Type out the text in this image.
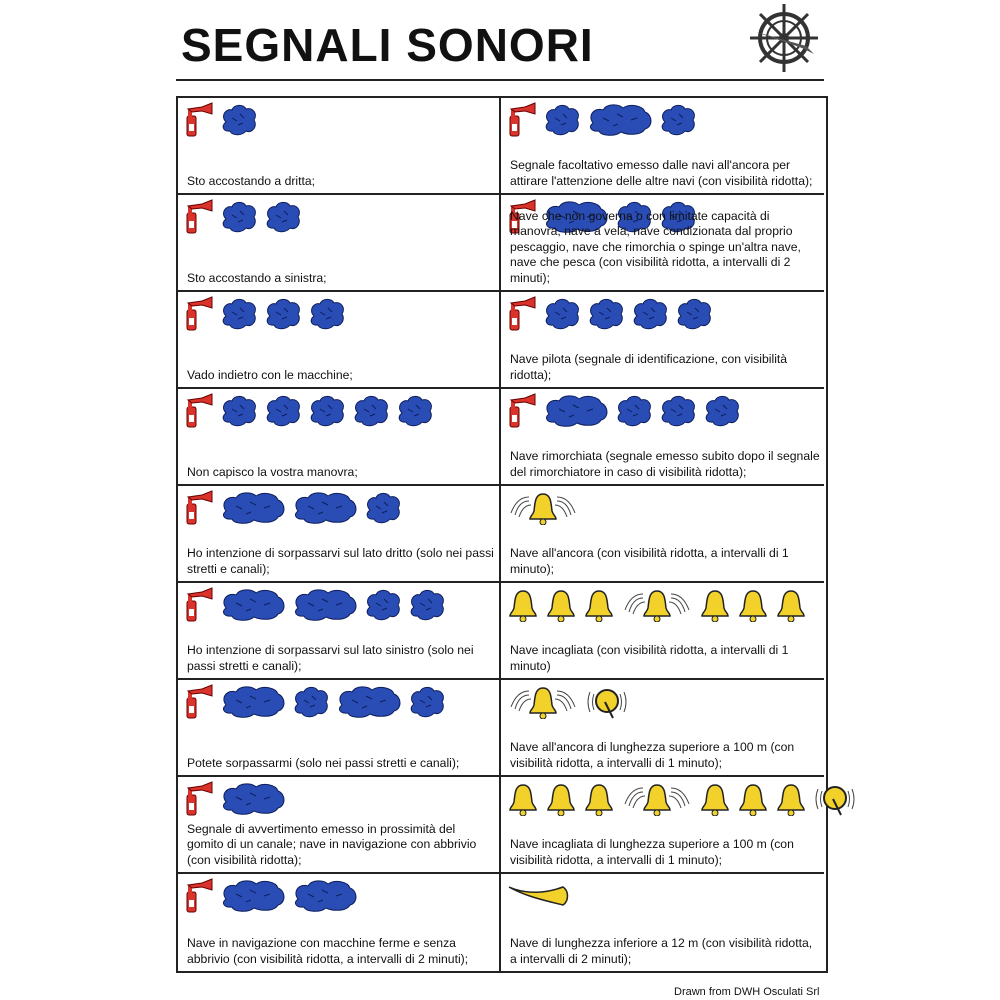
SEGNALI SONORI
Sto accostando a dritta;
Segnale facoltativo emesso dalle navi all'ancora per attirare l'attenzione delle altre navi (con visibilità ridotta);
Sto accostando a sinistra;
Nave che non governa o con limitate capacità di manovra, nave a vela, nave condizionata dal proprio pescaggio, nave che rimorchia o spinge un'altra nave, nave che pesca (con visibilità ridotta, a intervalli di 2 minuti);
Vado indietro con le macchine;
Nave pilota (segnale di identificazione, con visibilità ridotta);
Non capisco la vostra manovra;
Nave rimorchiata (segnale emesso subito dopo il segnale del rimorchiatore in caso di visibilità ridotta);
Ho intenzione di sorpassarvi sul lato dritto (solo nei passi stretti e canali);
Nave all'ancora (con visibilità ridotta, a intervalli di 1 minuto);
Ho intenzione di sorpassarvi sul lato sinistro (solo nei passi stretti e canali);
Nave incagliata (con visibilità ridotta, a intervalli di 1 minuto)
Potete sorpassarmi (solo nei passi stretti e canali);
Nave all'ancora di lunghezza superiore a 100 m (con visibilità ridotta, a intervalli di 1 minuto);
Segnale di avvertimento emesso in prossimità del gomito di un canale; nave in navigazione con abbrivio (con visibilità ridotta);
Nave incagliata di lunghezza superiore a 100 m (con visibilità ridotta, a intervalli di 1 minuto);
Nave in navigazione con macchine ferme e senza abbrivio (con visibilità ridotta, a intervalli di 2 minuti);
Nave di lunghezza inferiore a 12 m (con visibilità ridotta, a intervalli di 2 minuti);
Drawn from DWH Osculati Srl
